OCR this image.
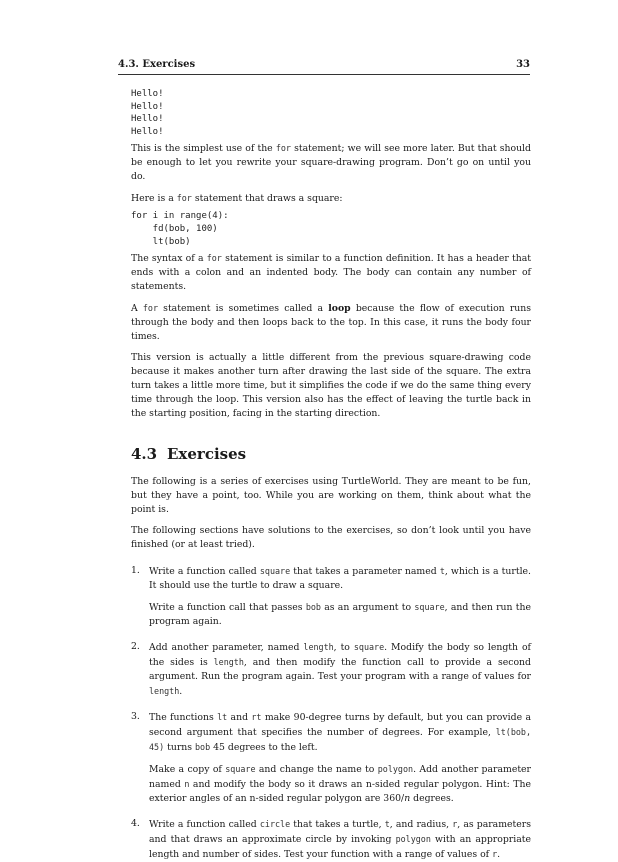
4.3. Exercises	33
Hello!
Hello!
Hello!
Hello!

This is the simplest use of the for statement; we will see more later. But that should be enough to let you rewrite your square-drawing program. Don’t go on until you do.

Here is a for statement that draws a square:

for i in range(4):
fd(bob, 100)
lt(bob)

The syntax of a for statement is similar to a function definition. It has a header that ends with a colon and an indented body. The body can contain any number of statements.

A for statement is sometimes called a loop because the flow of execution runs through the body and then loops back to the top. In this case, it runs the body four times.

This version is actually a little different from the previous square-drawing code because it makes another turn after drawing the last side of the square. The extra turn takes a little more time, but it simplifies the code if we do the same thing every time through the loop. This version also has the effect of leaving the turtle back in the starting position, facing in the starting direction.

4.3 Exercises

The following is a series of exercises using TurtleWorld. They are meant to be fun, but they have a point, too. While you are working on them, think about what the point is.

The following sections have solutions to the exercises, so don’t look until you have finished (or at least tried).

1. Write a function called square that takes a parameter named t, which is a turtle. It should use the turtle to draw a square.

Write a function call that passes bob as an argument to square, and then run the program again.

2. Add another parameter, named length, to square. Modify the body so length of the sides is length, and then modify the function call to provide a second argument. Run the program again. Test your program with a range of values for length.

3. The functions lt and rt make 90-degree turns by default, but you can provide a second argument that specifies the number of degrees. For example, lt(bob, 45) turns bob 45 degrees to the left.

Make a copy of square and change the name to polygon. Add another parameter named n and modify the body so it draws an n-sided regular polygon. Hint: The exterior angles of an n-sided regular polygon are 360/n degrees.

4. Write a function called circle that takes a turtle, t, and radius, r, as parameters and that draws an approximate circle by invoking polygon with an appropriate length and number of sides. Test your function with a range of values of r.
